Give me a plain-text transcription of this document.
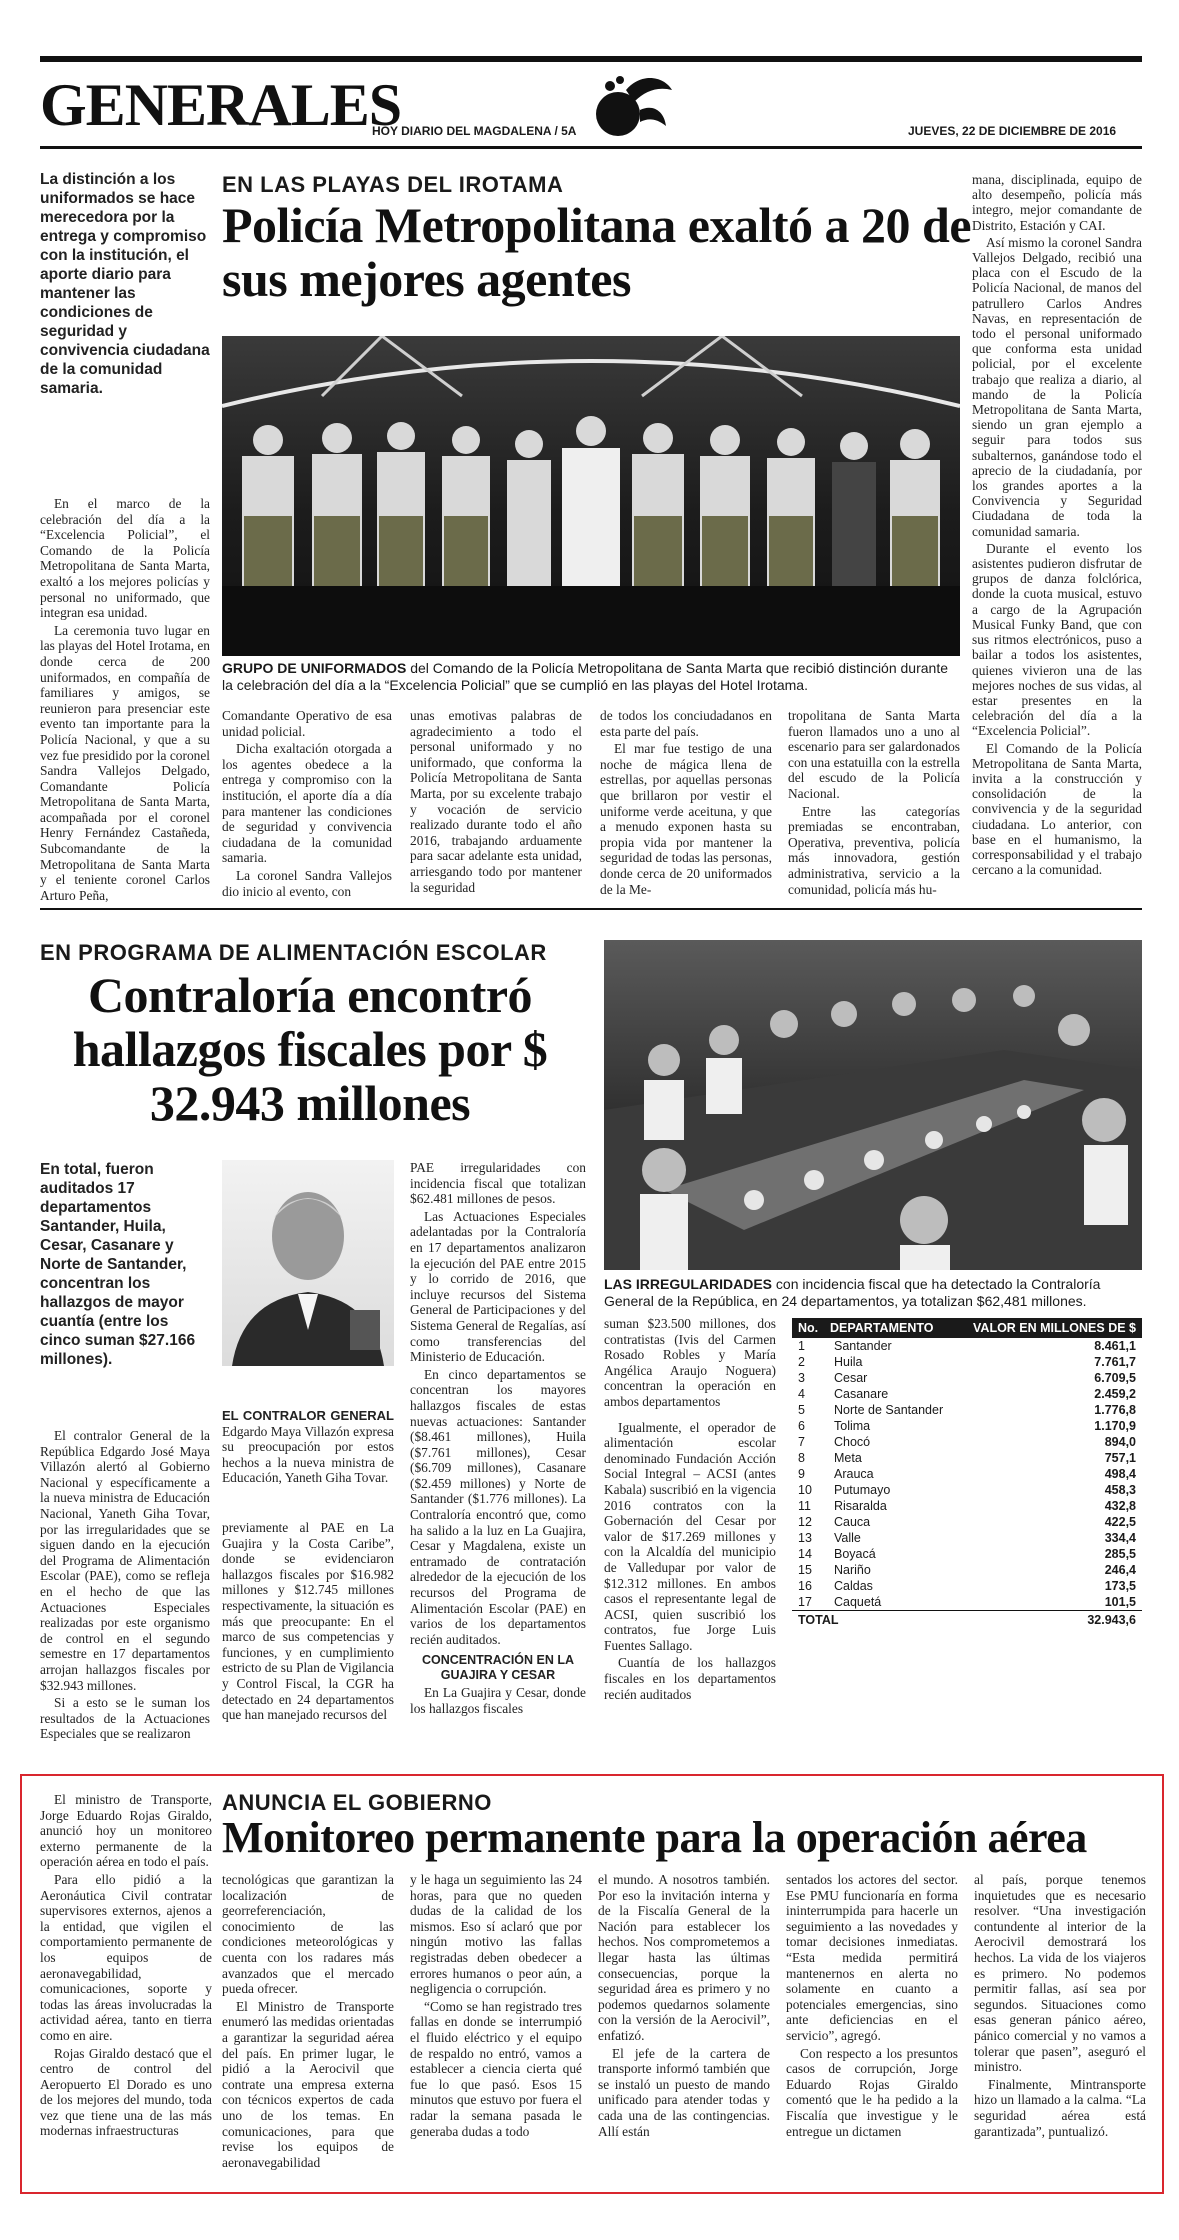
GENERALES
HOY DIARIO DEL MAGDALENA / 5A	JUEVES, 22 DE DICIEMBRE DE 2016
La distinción a los uniformados se hace merecedora por la entrega y compromiso con la institución, el aporte diario para mantener las condiciones de seguridad y convivencia ciudadana de la comunidad samaria.

En el marco de la celebración del día a la “Excelencia Policial”, el Comando de la Policía Metropolitana de Santa Marta, exaltó a los mejores policías y personal no uniformado, que integran esa unidad.

La ceremonia tuvo lugar en las playas del Hotel Irotama, en donde cerca de 200 uniformados, en compañía de familiares y amigos, se reunieron para presenciar este evento tan importante para la Policía Nacional, y que a su vez fue presidido por la coronel Sandra Vallejos Delgado, Comandante Policía Metropolitana de Santa Marta, acompañada por el coronel Henry Fernández Castañeda, Subcomandante de la Metropolitana de Santa Marta y el teniente coronel Carlos Arturo Peña,

EN LAS PLAYAS DEL IROTAMA
Policía Metropolitana exaltó a 20 de sus mejores agentes
GRUPO DE UNIFORMADOS del Comando de la Policía Metropolitana de Santa Marta que recibió distinción durante la celebración del día a la “Excelencia Policial” que se cumplió en las playas del Hotel Irotama.

Comandante Operativo de esa unidad policial.

Dicha exaltación otorgada a los agentes obedece a la entrega y compromiso con la institución, el aporte día a día para mantener las condiciones de seguridad y convivencia ciudadana de la comunidad samaria.

La coronel Sandra Vallejos dio inicio al evento, con

unas emotivas palabras de agradecimiento a todo el personal uniformado y no uniformado, que conforma la Policía Metropolitana de Santa Marta, por su excelente trabajo y vocación de servicio realizado durante todo el año 2016, trabajando arduamente para sacar adelante esta unidad, arriesgando todo por mantener la seguridad

de todos los conciudadanos en esta parte del país.

El mar fue testigo de una noche de mágica llena de estrellas, por aquellas personas que brillaron por vestir el uniforme verde aceituna, y que a menudo exponen hasta su propia vida por mantener la seguridad de todas las personas, donde cerca de 20 uniformados de la Me-

tropolitana de Santa Marta fueron llamados uno a uno al escenario para ser galardonados con una estatuilla con la estrella del escudo de la Policía Nacional.

Entre las categorías premiadas se encontraban, Operativa, preventiva, policía más innovadora, gestión administrativa, servicio a la comunidad, policía más hu-

mana, disciplinada, equipo de alto desempeño, policía más integro, mejor comandante de Distrito, Estación y CAI.

Así mismo la coronel Sandra Vallejos Delgado, recibió una placa con el Escudo de la Policía Nacional, de manos del patrullero Carlos Andres Navas, en representación de todo el personal uniformado que conforma esta unidad policial, por el excelente trabajo que realiza a diario, al mando de la Policía Metropolitana de Santa Marta, siendo un gran ejemplo a seguir para todos sus subalternos, ganándose todo el aprecio de la ciudadanía, por los grandes aportes a la Convivencia y Seguridad Ciudadana de toda la comunidad samaria.

Durante el evento los asistentes pudieron disfrutar de grupos de danza folclórica, donde la cuota musical, estuvo a cargo de la Agrupación Musical Funky Band, que con sus ritmos electrónicos, puso a bailar a todos los asistentes, quienes vivieron una de las mejores noches de sus vidas, al estar presentes en la celebración del día a la “Excelencia Policial”.

El Comando de la Policía Metropolitana de Santa Marta, invita a la construcción y consolidación de la convivencia y de la seguridad ciudadana. Lo anterior, con base en el humanismo, la corresponsabilidad y el trabajo cercano a la comunidad.

EN PROGRAMA DE ALIMENTACIÓN ESCOLAR
Contraloría encontró hallazgos fiscales por $ 32.943 millones
En total, fueron auditados 17 departamentos Santander, Huila, Cesar, Casanare y Norte de Santander, concentran los hallazgos de mayor cuantía (entre los cinco suman $27.166 millones).
LAS IRREGULARIDADES con incidencia fiscal que ha detectado la Contraloría General de la República, en 24 departamentos, ya totalizan $62,481 millones.

El contralor General de la República Edgardo José Maya Villazón alertó al Gobierno Nacional y específicamente a la nueva ministra de Educación Nacional, Yaneth Giha Tovar, por las irregularidades que se siguen dando en la ejecución del Programa de Alimentación Escolar (PAE), como se refleja en el hecho de que las Actuaciones Especiales realizadas por este organismo de control en el segundo semestre en 17 departamentos arrojan hallazgos fiscales por $32.943 millones.

Si a esto se le suman los resultados de la Actuaciones Especiales que se realizaron

EL CONTRALOR GENERAL Edgardo Maya Villazón expresa su preocupación por estos hechos a la nueva ministra de Educación, Yaneth Giha Tovar.

previamente al PAE en La Guajira y la Costa Caribe”, donde se evidenciaron hallazgos fiscales por $16.982 millones y $12.745 millones respectivamente, la situación es más que preocupante: En el marco de sus competencias y funciones, y en cumplimiento estricto de su Plan de Vigilancia y Control Fiscal, la CGR ha detectado en 24 departamentos que han manejado recursos del

PAE irregularidades con incidencia fiscal que totalizan $62.481 millones de pesos.

Las Actuaciones Especiales adelantadas por la Contraloría en 17 departamentos analizaron la ejecución del PAE entre 2015 y lo corrido de 2016, que incluye recursos del Sistema General de Participaciones y del Sistema General de Regalías, así como transferencias del Ministerio de Educación.

En cinco departamentos se concentran los mayores hallazgos fiscales de estas nuevas actuaciones: Santander ($8.461 millones), Huila ($7.761 millones), Cesar ($6.709 millones), Casanare ($2.459 millones) y Norte de Santander ($1.776 millones). La Contraloría encontró que, como ha salido a la luz en La Guajira, Cesar y Magdalena, existe un entramado de contratación alrededor de la ejecución de los recursos del Programa de Alimentación Escolar (PAE) en varios de los departamentos recién auditados.

CONCENTRACIÓN EN LA GUAJIRA Y CESAR

En La Guajira y Cesar, donde los hallazgos fiscales

suman $23.500 millones, dos contratistas (Ivis del Carmen Rosado Robles y María Angélica Araujo Noguera) concentran la operación en ambos departamentos

Igualmente, el operador de alimentación escolar denominado Fundación Acción Social Integral – ACSI (antes Kabala) suscribió en la vigencia 2016 contratos con la Gobernación del Cesar por valor de $17.269 millones y con la Alcaldía del municipio de Valledupar por valor de $12.312 millones. En ambos casos el representante legal de ACSI, quien suscribió los contratos, fue Jorge Luis Fuentes Sallago.

Cuantía de los hallazgos fiscales en los departamentos recién auditados

No.	DEPARTAMENTO	VALOR EN MILLONES DE $
1	Santander	8.461,1
2	Huila	7.761,7
3	Cesar	6.709,5
4	Casanare	2.459,2
5	Norte de Santander	1.776,8
6	Tolima	1.170,9
7	Chocó	894,0
8	Meta	757,1
9	Arauca	498,4
10	Putumayo	458,3
11	Risaralda	432,8
12	Cauca	422,5
13	Valle	334,4
14	Boyacá	285,5
15	Nariño	246,4
16	Caldas	173,5
17	Caquetá	101,5
TOTAL		32.943,6

El ministro de Transporte, Jorge Eduardo Rojas Giraldo, anunció hoy un monitoreo externo permanente de la operación aérea en todo el país.

Para ello pidió a la Aeronáutica Civil contratar supervisores externos, ajenos a la entidad, que vigilen el comportamiento permanente de los equipos de aeronavegabilidad, comunicaciones, soporte y todas las áreas involucradas la actividad aérea, tanto en tierra como en aire.

Rojas Giraldo destacó que el centro de control del Aeropuerto El Dorado es uno de los mejores del mundo, toda vez que tiene una de las más modernas infraestructuras

ANUNCIA EL GOBIERNO
Monitoreo permanente para la operación aérea

tecnológicas que garantizan la localización de georreferenciación, conocimiento de las condiciones meteorológicas y cuenta con los radares más avanzados que el mercado pueda ofrecer.

El Ministro de Transporte enumeró las medidas orientadas a garantizar la seguridad aérea del país. En primer lugar, le pidió a la Aerocivil que contrate una empresa externa con técnicos expertos de cada uno de los temas. En comunicaciones, para que revise los equipos de aeronavegabilidad

y le haga un seguimiento las 24 horas, para que no queden dudas de la calidad de los mismos. Eso sí aclaró que por ningún motivo las fallas registradas deben obedecer a errores humanos o peor aún, a negligencia o corrupción.

“Como se han registrado tres fallas en donde se interrumpió el fluido eléctrico y el equipo de respaldo no entró, vamos a establecer a ciencia cierta qué fue lo que pasó. Esos 15 minutos que estuvo por fuera el radar la semana pasada le generaba dudas a todo

el mundo. A nosotros también. Por eso la invitación interna y de la Fiscalía General de la Nación para establecer los hechos. Nos comprometemos a llegar hasta las últimas consecuencias, porque la seguridad área es primero y no podemos quedarnos solamente con la versión de la Aerocivil”, enfatizó.

El jefe de la cartera de transporte informó también que se instaló un puesto de mando unificado para atender todas y cada una de las contingencias. Allí están

sentados los actores del sector. Ese PMU funcionaría en forma ininterrumpida para hacerle un seguimiento a las novedades y tomar decisiones inmediatas. “Esta medida permitirá mantenernos en alerta no solamente en cuanto a potenciales emergencias, sino ante deficiencias en el servicio”, agregó.

Con respecto a los presuntos casos de corrupción, Jorge Eduardo Rojas Giraldo comentó que le ha pedido a la Fiscalía que investigue y le entregue un dictamen

al país, porque tenemos inquietudes que es necesario resolver. “Una investigación contundente al interior de la Aerocivil demostrará los hechos. La vida de los viajeros es primero. No podemos permitir fallas, así sea por segundos. Situaciones como esas generan pánico aéreo, pánico comercial y no vamos a tolerar que pasen”, aseguró el ministro.

Finalmente, Mintransporte hizo un llamado a la calma. “La seguridad aérea está garantizada”, puntualizó.
